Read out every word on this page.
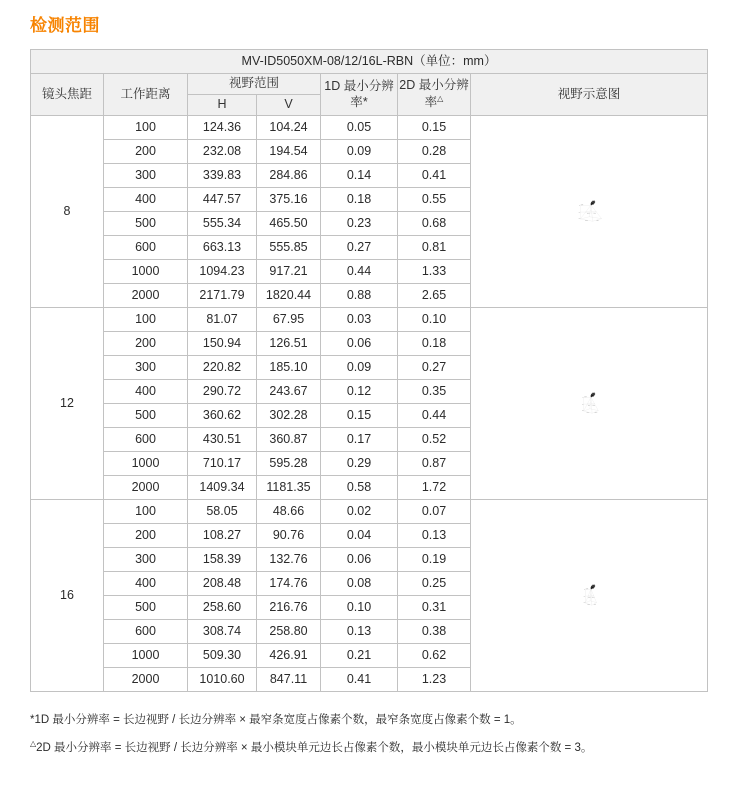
检测范围
MV-ID5050XM-08/12/16L-RBN（单位：mm）						
镜头焦距	工作距离	视野范围		1D 最小分辨率*	2D 最小分辨率△	视野示意图
		H	V			
8	100	124.36	104.24	0.05	0.15	
安装距离
100
1000
2000
1094.23 917.21
2171.79 1820.44

	200	232.08	194.54	0.09	0.28	
	300	339.83	284.86	0.14	0.41	
	400	447.57	375.16	0.18	0.55	
	500	555.34	465.50	0.23	0.68	
	600	663.13	555.85	0.27	0.81	
	1000	1094.23	917.21	0.44	1.33	
	2000	2171.79	1820.44	0.88	2.65	
12	100	81.07	67.95	0.03	0.10	
安装距离
100
1000
2000
710.17 595.28
1409.34 1181.35

	200	150.94	126.51	0.06	0.18	
	300	220.82	185.10	0.09	0.27	
	400	290.72	243.67	0.12	0.35	
	500	360.62	302.28	0.15	0.44	
	600	430.51	360.87	0.17	0.52	
	1000	710.17	595.28	0.29	0.87	
	2000	1409.34	1181.35	0.58	1.72	
16	100	58.05	48.66	0.02	0.07	
安装距离
100
1000
2000
509.30 426.91
1010.60 847.11

	200	108.27	90.76	0.04	0.13	
	300	158.39	132.76	0.06	0.19	
	400	208.48	174.76	0.08	0.25	
	500	258.60	216.76	0.10	0.31	
	600	308.74	258.80	0.13	0.38	
	1000	509.30	426.91	0.21	0.62	
	2000	1010.60	847.11	0.41	1.23	

*1D 最小分辨率 = 长边视野 / 长边分辨率 × 最窄条宽度占像素个数，最窄条宽度占像素个数 = 1。

△2D 最小分辨率 = 长边视野 / 长边分辨率 × 最小模块单元边长占像素个数，最小模块单元边长占像素个数 = 3。
